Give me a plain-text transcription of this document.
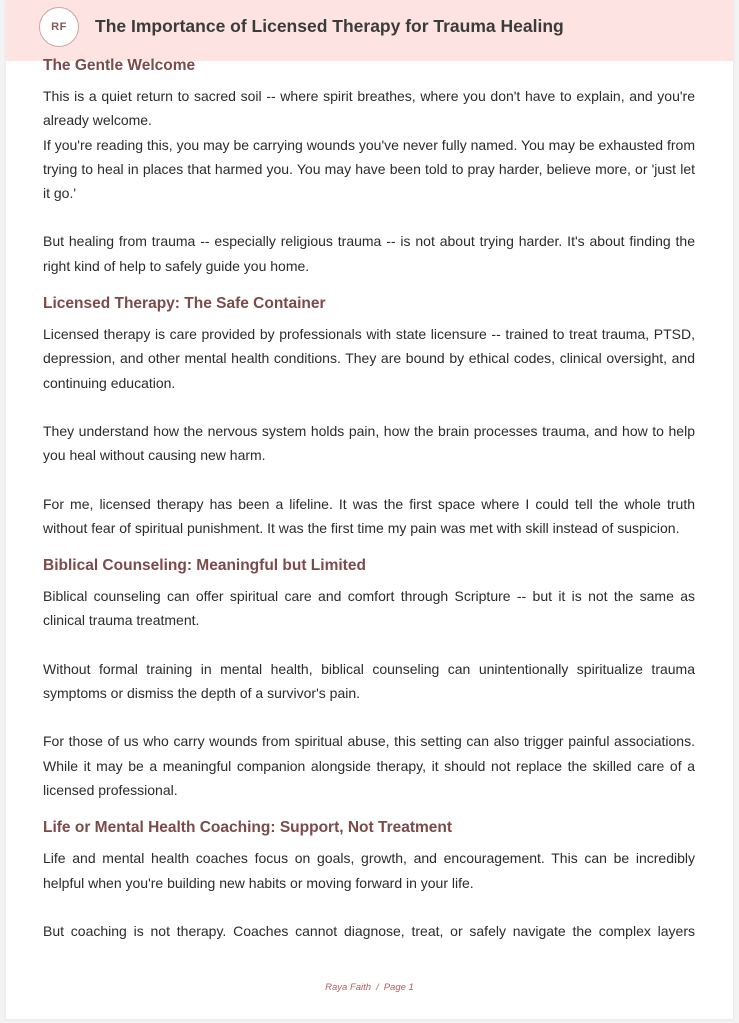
RF	The Importance of Licensed Therapy for Trauma Healing
The Gentle Welcome

This is a quiet return to sacred soil -- where spirit breathes, where you don't have to explain, and you're already welcome.

If you're reading this, you may be carrying wounds you've never fully named. You may be exhausted from trying to heal in places that harmed you. You may have been told to pray harder, believe more, or 'just let it go.'

But healing from trauma -- especially religious trauma -- is not about trying harder. It's about finding the right kind of help to safely guide you home.

Licensed Therapy: The Safe Container

Licensed therapy is care provided by professionals with state licensure -- trained to treat trauma, PTSD, depression, and other mental health conditions. They are bound by ethical codes, clinical oversight, and continuing education.

They understand how the nervous system holds pain, how the brain processes trauma, and how to help you heal without causing new harm.

For me, licensed therapy has been a lifeline. It was the first space where I could tell the whole truth without fear of spiritual punishment. It was the first time my pain was met with skill instead of suspicion.

Biblical Counseling: Meaningful but Limited

Biblical counseling can offer spiritual care and comfort through Scripture -- but it is not the same as clinical trauma treatment.

Without formal training in mental health, biblical counseling can unintentionally spiritualize trauma symptoms or dismiss the depth of a survivor's pain.

For those of us who carry wounds from spiritual abuse, this setting can also trigger painful associations. While it may be a meaningful companion alongside therapy, it should not replace the skilled care of a licensed professional.

Life or Mental Health Coaching: Support, Not Treatment

Life and mental health coaches focus on goals, growth, and encouragement. This can be incredibly helpful when you're building new habits or moving forward in your life.

But coaching is not therapy. Coaches cannot diagnose, treat, or safely navigate the complex layers

Raya Faith / Page 1
